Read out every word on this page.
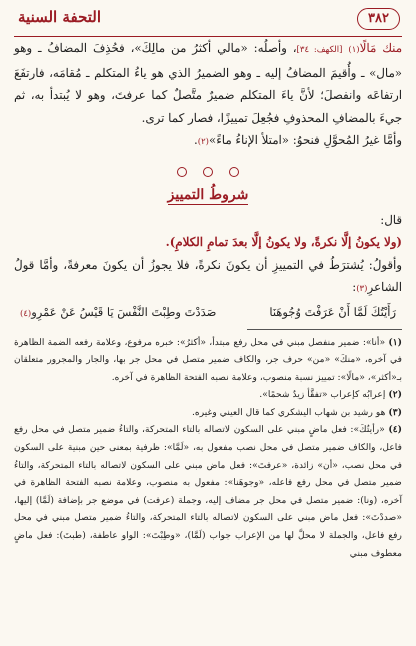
التحفة السنية	٣٨٢

منك مَالًا(١) [الكهف: ٣٤]، وأصلُه: «مالي أكثرُ من مالِكَ»، فحُذِفَ المضافُ ـ وهو «مال» ـ وأُقيمَ المضافُ إليه ـ وهو الضميرُ الذي هو ياءُ المتكلم ـ مُقامَه، فارتفَعَ ارتفاعَه وانفصلَ؛ لأنَّ ياءَ المتكلم ضميرٌ متَّصلٌ كما عرفتَ، وهو لا يُبتدأ به، ثم جيءَ بالمضافِ المحذوفِ فجُعِلَ تمييزًا، فصار كما ترى.

وأمَّا غيرُ المُحوَّلِ فنحوُ: «امتلأ الإناءُ ماءً»(٢).

شروطُ التمييز

قال:

(ولا يكونُ إلَّا نكرةً، ولا يكونُ إلَّا بعدَ تمامِ الكلامِ).

وأقولُ: يُشترَطُ في التمييزِ أن يكونَ نكرةً، فلا يجوزُ أن يكونَ معرفةً، وأمَّا قولُ الشاعرِ(٣):

رَأَيْتُكَ لَمَّا أَنْ عَرَفْتَ وُجُوهَنَا
صَدَدْتَ وطِبْتَ النَّفْسَ يَا قَيْسُ عَنْ عَمْرِو(٤)

(١) «أنا»: ضمير منفصل مبني في محل رفع مبتدأ، «أكثرُ»: خبره مرفوع، وعلامة رفعه الضمة الظاهرة في آخره، «منكَ» «من» حرف جر، والكاف ضمير متصل في محل جر بها، والجار والمجرور متعلقان بـ«أكثر»، «مالًا»: تمييز نسبة منصوب، وعلامة نصبه الفتحة الظاهرة في آخره.

(٢) إعرابُه كإعراب «تفقَّأ زيدٌ شحمًا».

(٣) هو رشيد بن شهاب اليشكري كما قال العيني وغيره.

(٤) «رأيتُكَ»: فعل ماضٍ مبني على السكون لاتصاله بالتاء المتحركة، والتاءُ ضمير متصل في محل رفع فاعل، والكاف ضمير متصل في محل نصب مفعول به، «لَمَّا»: ظرفية بمعنى حين مبنية على السكون في محل نصب، «أن» زائدة، «عرفتَ»: فعل ماض مبني على السكون لاتصاله بالتاء المتحركة، والتاءُ ضمير متصل في محل رفع فاعله، «وجوهَنا»: مفعول به منصوب، وعلامة نصبه الفتحة الظاهرة في آخره، (ونا): ضمير متصل في محل جر مضاف إليه، وجملة (عرفت) في موضع جر بإضافة (لَمَّا) إليها، «صددْتَ»: فعل ماض مبني على السكون لاتصاله بالتاء المتحركة، والتاءُ ضمير متصل مبني في محل رفع فاعل، والجملة لا محلَّ لها من الإعراب جواب (لَمَّا)، «وطِبْتَ»: الواو عاطفة، (طبتَ): فعل ماضٍ معطوف مبني
